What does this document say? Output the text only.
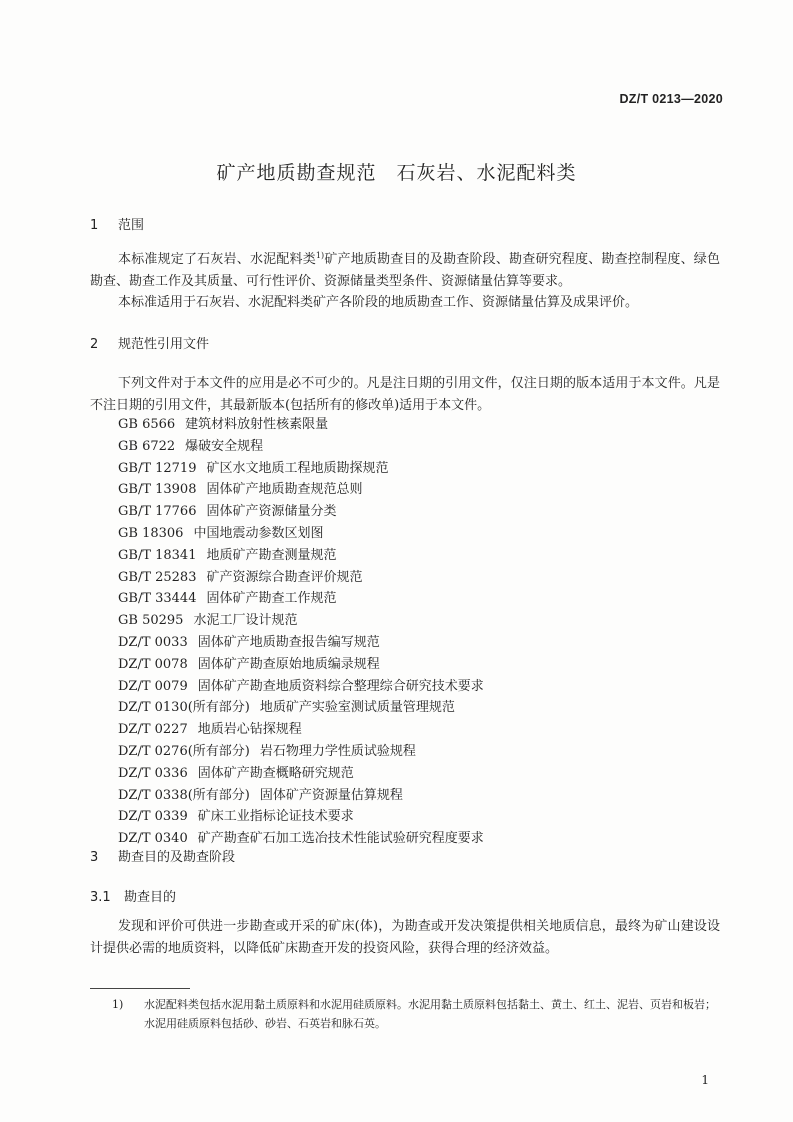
DZ/T 0213—2020
矿产地质勘查规范　石灰岩、水泥配料类
1 范围
本标准规定了石灰岩、水泥配料类$^{1)}$矿产地质勘查目的及勘查阶段、勘查研究程度、勘查控制程度、绿色勘查、勘查工作及其质量、可行性评价、资源储量类型条件、资源储量估算等要求。
本标准适用于石灰岩、水泥配料类矿产各阶段的地质勘查工作、资源储量估算及成果评价。
2 规范性引用文件
下列文件对于本文件的应用是必不可少的。凡是注日期的引用文件，仅注日期的版本适用于本文件。凡是不注日期的引用文件，其最新版本(包括所有的修改单)适用于本文件。
GB 6566 建筑材料放射性核素限量
GB 6722 爆破安全规程
GB/T 12719 矿区水文地质工程地质勘探规范
GB/T 13908 固体矿产地质勘查规范总则
GB/T 17766 固体矿产资源储量分类
GB 18306 中国地震动参数区划图
GB/T 18341 地质矿产勘查测量规范
GB/T 25283 矿产资源综合勘查评价规范
GB/T 33444 固体矿产勘查工作规范
GB 50295 水泥工厂设计规范
DZ/T 0033 固体矿产地质勘查报告编写规范
DZ/T 0078 固体矿产勘查原始地质编录规程
DZ/T 0079 固体矿产勘查地质资料综合整理综合研究技术要求
DZ/T 0130(所有部分) 地质矿产实验室测试质量管理规范
DZ/T 0227 地质岩心钻探规程
DZ/T 0276(所有部分) 岩石物理力学性质试验规程
DZ/T 0336 固体矿产勘查概略研究规范
DZ/T 0338(所有部分) 固体矿产资源量估算规程
DZ/T 0339 矿床工业指标论证技术要求
DZ/T 0340 矿产勘查矿石加工选冶技术性能试验研究程度要求
3 勘查目的及勘查阶段
3.1 勘查目的
发现和评价可供进一步勘查或开采的矿床(体)，为勘查或开发决策提供相关地质信息，最终为矿山建设设计提供必需的地质资料，以降低矿床勘查开发的投资风险，获得合理的经济效益。
1)	水泥配料类包括水泥用黏土质原料和水泥用硅质原料。水泥用黏土质原料包括黏土、黄土、红土、泥岩、页岩和板岩；水泥用硅质原料包括砂、砂岩、石英岩和脉石英。
1
